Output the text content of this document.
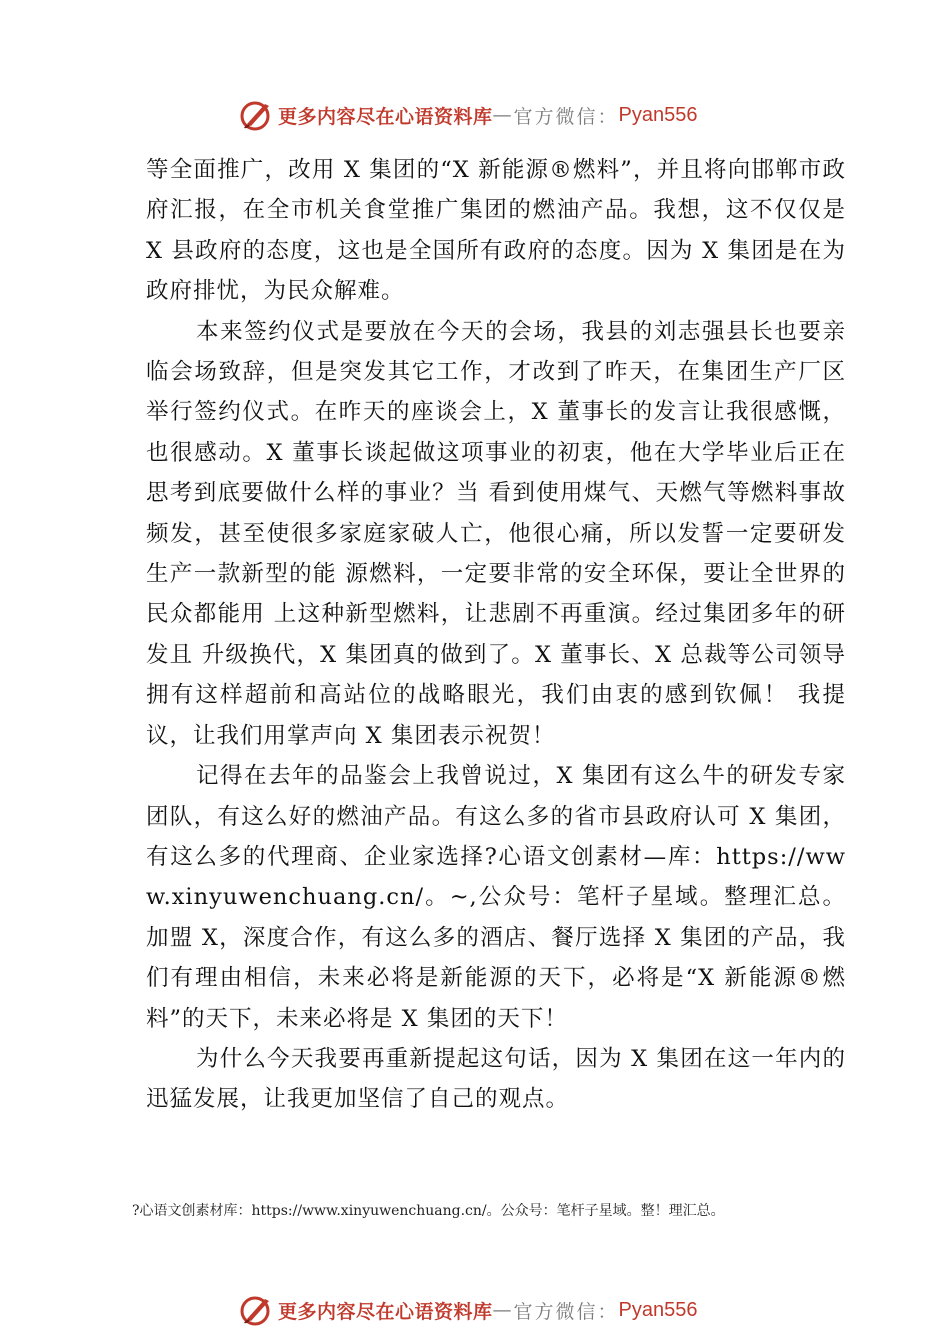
更多内容尽在心语资料库 — 官方微信： Pyan556

等全面推广，改用 X 集团的“X 新能源®燃料”，并且将向邯郸市政府汇报，在全市机关食堂推广集团的燃油产品。我想，这不仅仅是 X 县政府的态度，这也是全国所有政府的态度。因为 X 集团是在为政府排忧，为民众解难。

本来签约仪式是要放在今天的会场，我县的刘志强县长也要亲临会场致辞，但是突发其它工作，才改到了昨天，在集团生产厂区举行签约仪式。在昨天的座谈会上，X 董事长的发言让我很感慨，也很感动。X 董事长谈起做这项事业的初衷，他在大学毕业后正在思考到底要做什么样的事业？当 看到使用煤气、天燃气等燃料事故频发，甚至使很多家庭家破人亡，他很心痛，所以发誓一定要研发生产一款新型的能 源燃料，一定要非常的安全环保，要让全世界的民众都能用 上这种新型燃料，让悲剧不再重演。经过集团多年的研发且 升级换代，X 集团真的做到了。X 董事长、X 总裁等公司领导拥有这样超前和高站位的战略眼光，我们由衷的感到钦佩！ 我提议，让我们用掌声向 X 集团表示祝贺！

记得在去年的品鉴会上我曾说过，X 集团有这么牛的研发专家团队，有这么好的燃油产品。有这么多的省市县政府认可 X 集团，有这么多的代理商、企业家选择?心语文创素材—库：https://www.xinyuwenchuang.cn/。~,公众号：笔杆子星域。整理汇总。加盟 X，深度合作，有这么多的酒店、餐厅选择 X 集团的产品，我们有理由相信，未来必将是新能源的天下，必将是“X 新能源®燃料”的天下，未来必将是 X 集团的天下！

为什么今天我要再重新提起这句话，因为 X 集团在这一年内的迅猛发展，让我更加坚信了自己的观点。

?心语文创素材库：https://www.xinyuwenchuang.cn/。公众号：笔杆子星域。整！理汇总。
更多内容尽在心语资料库 — 官方微信： Pyan556
